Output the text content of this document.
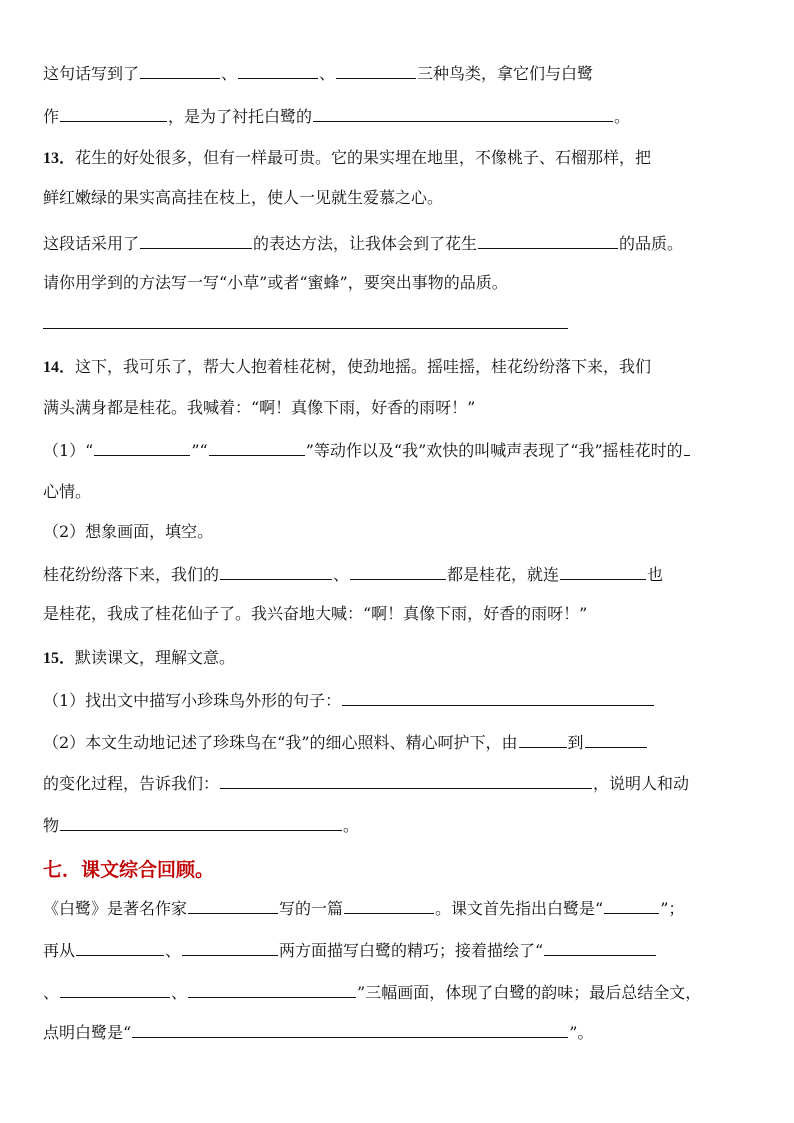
这句话写到了	、	、	三种鸟类，拿它们与白鹭
作	，是为了衬托白鹭的	。
13．花生的好处很多，但有一样最可贵。它的果实埋在地里，不像桃子、石榴那样，把
鲜红嫩绿的果实高高挂在枝上，使人一见就生爱慕之心。
这段话采用了	的表达方法，让我体会到了花生	的品质。
请你用学到的方法写一写“小草”或者“蜜蜂”，要突出事物的品质。
14．这下，我可乐了，帮大人抱着桂花树，使劲地摇。摇哇摇，桂花纷纷落下来，我们
满头满身都是桂花。我喊着：“啊！真像下雨，好香的雨呀！”
（1）“	”“	”等动作以及“我”欢快的叫喊声表现了“我”摇桂花时的
心情。
（2）想象画面，填空。
桂花纷纷落下来，我们的	、	都是桂花，就连	也
是桂花，我成了桂花仙子了。我兴奋地大喊：“啊！真像下雨，好香的雨呀！”
15．默读课文，理解文意。
（1）找出文中描写小珍珠鸟外形的句子：
（2）本文生动地记述了珍珠鸟在“我”的细心照料、精心呵护下，由	到
的变化过程，告诉我们：	，说明人和动
物	。
七．课文综合回顾。
《白鹭》是著名作家	写的一篇	。课文首先指出白鹭是“	”；
再从	、	两方面描写白鹭的精巧；接着描绘了“
、	、	”三幅画面，体现了白鹭的韵味；最后总结全文，
点明白鹭是“	”。
